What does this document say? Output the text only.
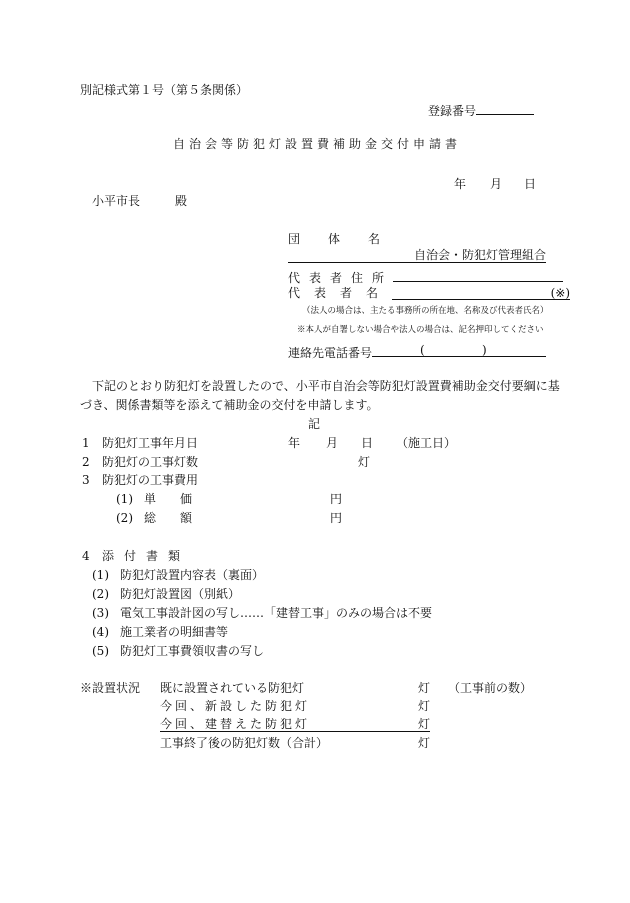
別記様式第１号（第５条関係）
登録番号
自治会等防犯灯設置費補助金交付申請書
年 月 日
小平市長	殿
団　体　名
自治会・防犯灯管理組合
代表者住所
代表者名	(※)
（法人の場合は、主たる事務所の所在地、名称及び代表者氏名）
※本人が自署しない場合や法人の場合は、記名押印してください
連絡先電話番号	(	)
下記のとおり防犯灯を設置したので、小平市自治会等防犯灯設置費補助金交付要綱に基
づき、関係書類等を添えて補助金の交付を申請します。
記
1 防犯灯工事年月日	年 月 日 （施工日）
2 防犯灯の工事灯数	灯
3 防犯灯の工事費用
(1) 単　　価	円
(2) 総　　額	円
4 添付書類
(1) 防犯灯設置内容表（裏面）
(2) 防犯灯設置図（別紙）
(3) 電気工事設計図の写し……「建替工事」のみの場合は不要
(4) 施工業者の明細書等
(5) 防犯灯工事費領収書の写し
※設置状況 既に設置されている防犯灯	灯 （工事前の数）
今回、新設した防犯灯	灯
今回、建替えた防犯灯	灯
工事終了後の防犯灯数（合計）	灯
